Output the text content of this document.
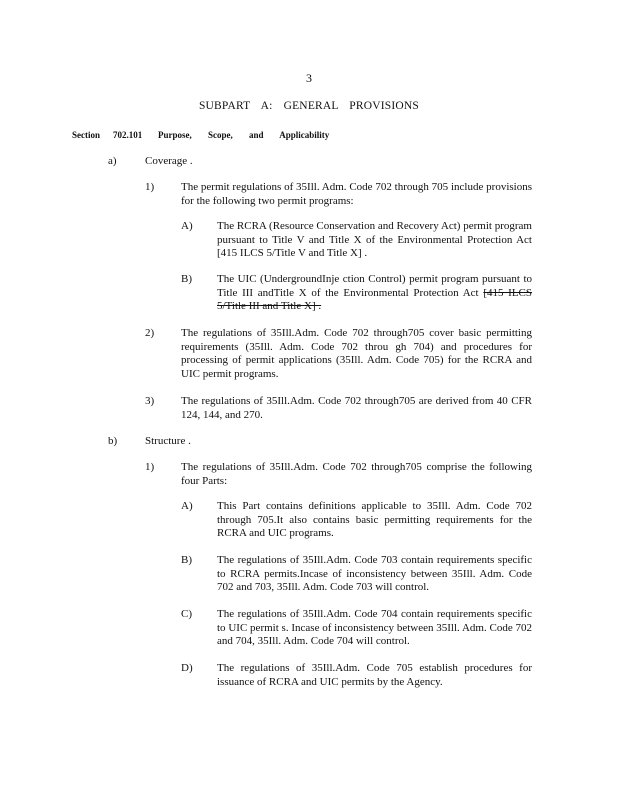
3
SUBPART A: GENERAL PROVISIONS
Section 702.101 Purpose, Scope, and Applicability
a)	Coverage .
1) The permit regulations of 35Ill. Adm. Code 702 through 705 include provisions for the following two permit programs:
A) The RCRA (Resource Conservation and Recovery Act) permit program pursuant to Title V and Title X of the Environmental Protection Act [415 ILCS 5/Title V and Title X] .
B) The UIC (UndergroundInje ction Control) permit program pursuant to Title III andTitle X of the Environmental Protection Act [415 ILCS 5/Title III and Title X] .
2) The regulations of 35Ill.Adm. Code 702 through705 cover basic permitting requirements (35Ill. Adm. Code 702 throu gh 704) and procedures for processing of permit applications (35Ill. Adm. Code 705) for the RCRA and UIC permit programs.
3) The regulations of 35Ill.Adm. Code 702 through705 are derived from 40 CFR 124, 144, and 270.
b)	Structure .
1) The regulations of 35Ill.Adm. Code 702 through705 comprise the following four Parts:
A) This Part contains definitions applicable to 35Ill. Adm. Code 702 through 705.It also contains basic permitting requirements for the RCRA and UIC programs.
B) The regulations of 35Ill.Adm. Code 703 contain requirements specific to RCRA permits.Incase of inconsistency between 35Ill. Adm. Code 702 and 703, 35Ill. Adm. Code 703 will control.
C) The regulations of 35Ill.Adm. Code 704 contain requirements specific to UIC permit s. Incase of inconsistency between 35Ill. Adm. Code 702 and 704, 35Ill. Adm. Code 704 will control.
D) The regulations of 35Ill.Adm. Code 705 establish procedures for issuance of RCRA and UIC permits by the Agency.
